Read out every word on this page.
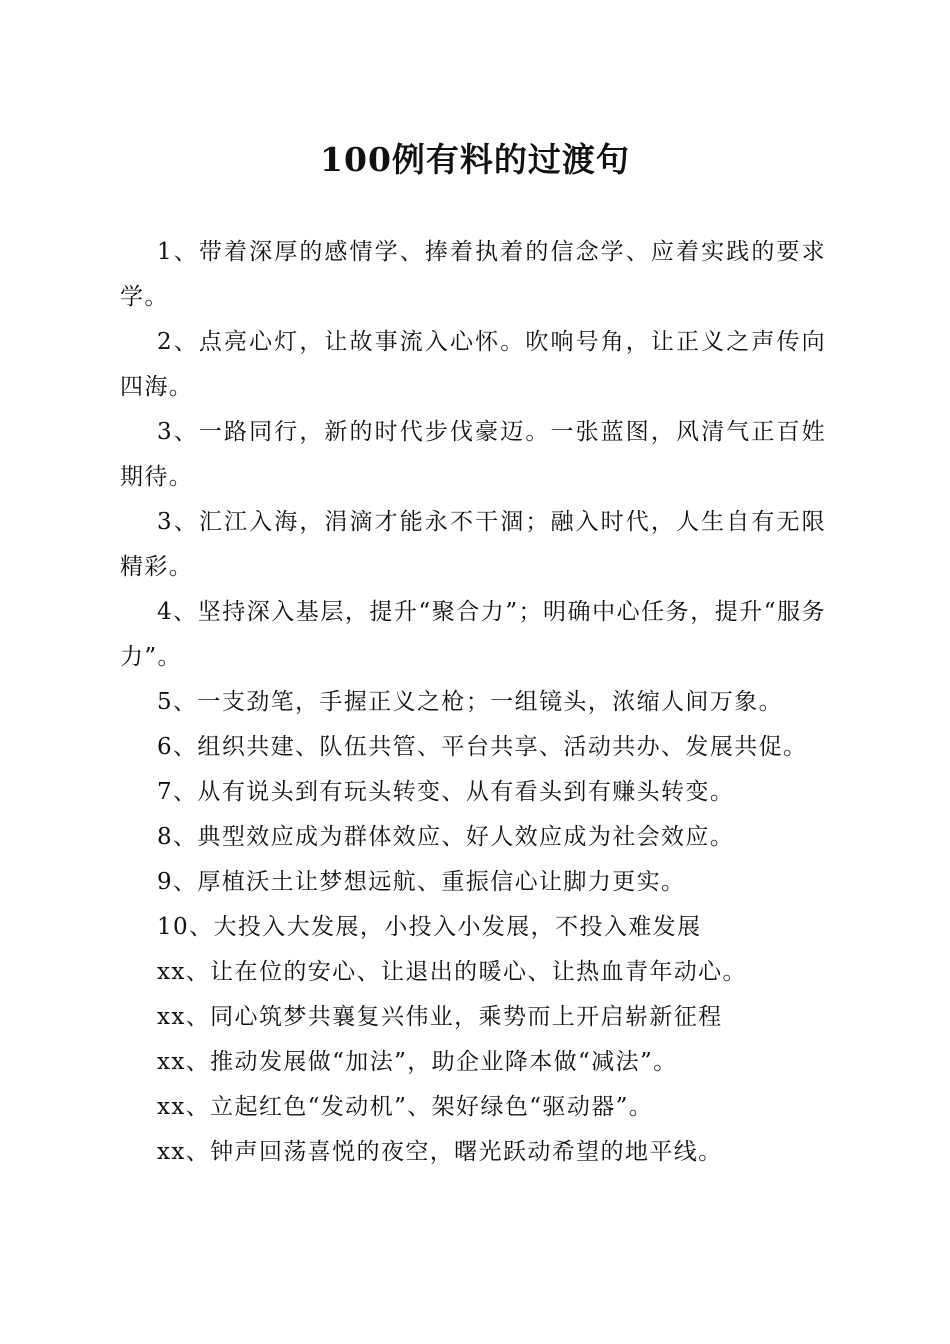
100例有料的过渡句

1、带着深厚的感情学、捧着执着的信念学、应着实践的要求学。

2、点亮心灯，让故事流入心怀。吹响号角，让正义之声传向四海。

3、一路同行，新的时代步伐豪迈。一张蓝图，风清气正百姓期待。

3、汇江入海，涓滴才能永不干涸；融入时代，人生自有无限精彩。

4、坚持深入基层，提升“聚合力”；明确中心任务，提升“服务力”。

5、一支劲笔，手握正义之枪；一组镜头，浓缩人间万象。

6、组织共建、队伍共管、平台共享、活动共办、发展共促。

7、从有说头到有玩头转变、从有看头到有赚头转变。

8、典型效应成为群体效应、好人效应成为社会效应。

9、厚植沃土让梦想远航、重振信心让脚力更实。

10、大投入大发展，小投入小发展，不投入难发展

xx、让在位的安心、让退出的暖心、让热血青年动心。

xx、同心筑梦共襄复兴伟业，乘势而上开启崭新征程

xx、推动发展做“加法”，助企业降本做“减法”。

xx、立起红色“发动机”、架好绿色“驱动器”。

xx、钟声回荡喜悦的夜空，曙光跃动希望的地平线。
